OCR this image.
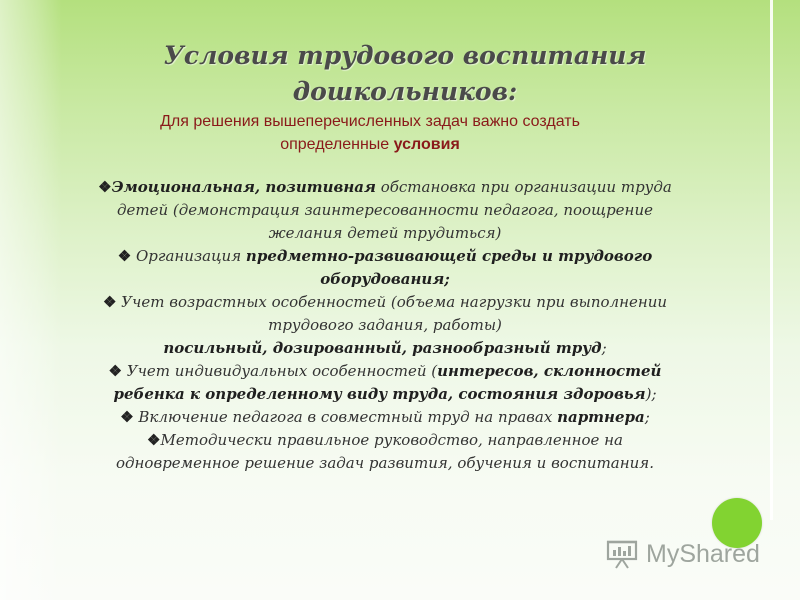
Условия трудового воспитания
дошкольников:
Для решения вышеперечисленных задач важно создать
определенные условия
❖Эмоциональная, позитивная обстановка при организации труда
детей (демонстрация заинтересованности педагога, поощрение
желания детей трудиться)
❖ Организация предметно-развивающей среды и трудового
оборудования;
❖ Учет возрастных особенностей (объема нагрузки при выполнении
трудового задания, работы)
посильный, дозированный, разнообразный труд;
❖ Учет индивидуальных особенностей (интересов, склонностей
ребенка к определенному виду труда, состояния здоровья);
❖ Включение педагога в совместный труд на правах партнера;
❖Методически правильное руководство, направленное на
одновременное решение задач развития, обучения и воспитания.
MyShared
